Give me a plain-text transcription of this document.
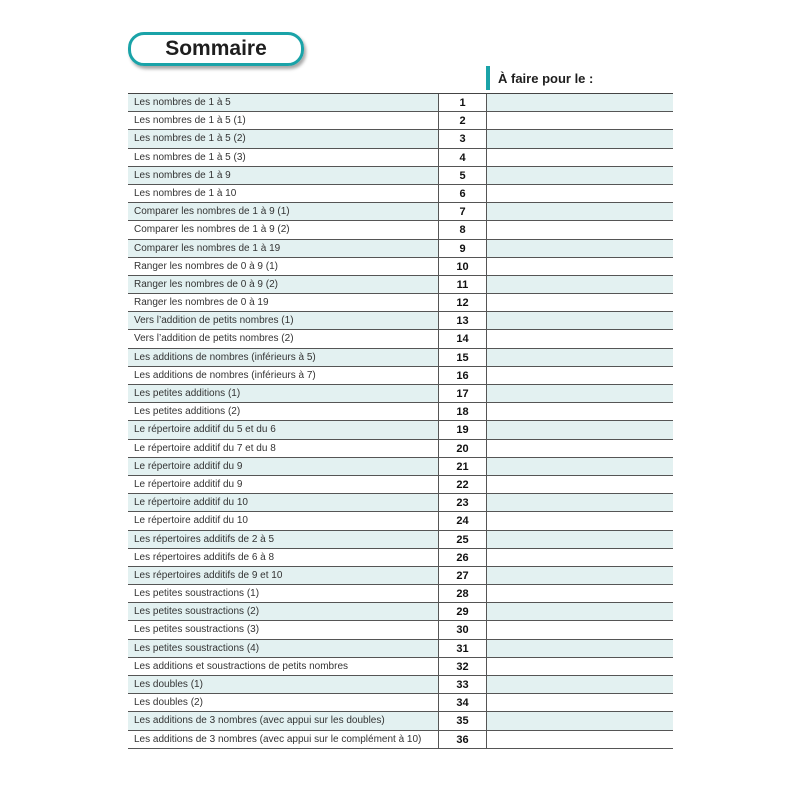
Sommaire
À faire pour le :
Les nombres de 1 à 5	1
Les nombres de 1 à 5 (1)	2
Les nombres de 1 à 5 (2)	3
Les nombres de 1 à 5 (3)	4
Les nombres de 1 à 9	5
Les nombres de 1 à 10	6
Comparer les nombres de 1 à 9 (1)	7
Comparer les nombres de 1 à 9 (2)	8
Comparer les nombres de 1 à 19	9
Ranger les nombres de 0 à 9 (1)	10
Ranger les nombres de 0 à 9 (2)	11
Ranger les nombres de 0 à 19	12
Vers l’addition de petits nombres (1)	13
Vers l’addition de petits nombres (2)	14
Les additions de nombres (inférieurs à 5)	15
Les additions de nombres (inférieurs à 7)	16
Les petites additions (1)	17
Les petites additions (2)	18
Le répertoire additif du 5 et du 6	19
Le répertoire additif du 7 et du 8	20
Le répertoire additif du 9	21
Le répertoire additif du 9	22
Le répertoire additif du 10	23
Le répertoire additif du 10	24
Les répertoires additifs de 2 à 5	25
Les répertoires additifs de 6 à 8	26
Les répertoires additifs de 9 et 10	27
Les petites soustractions (1)	28
Les petites soustractions (2)	29
Les petites soustractions (3)	30
Les petites soustractions (4)	31
Les additions et soustractions de petits nombres	32
Les doubles (1)	33
Les doubles (2)	34
Les additions de 3 nombres (avec appui sur les doubles)	35
Les additions de 3 nombres (avec appui sur le complément à 10)	36
